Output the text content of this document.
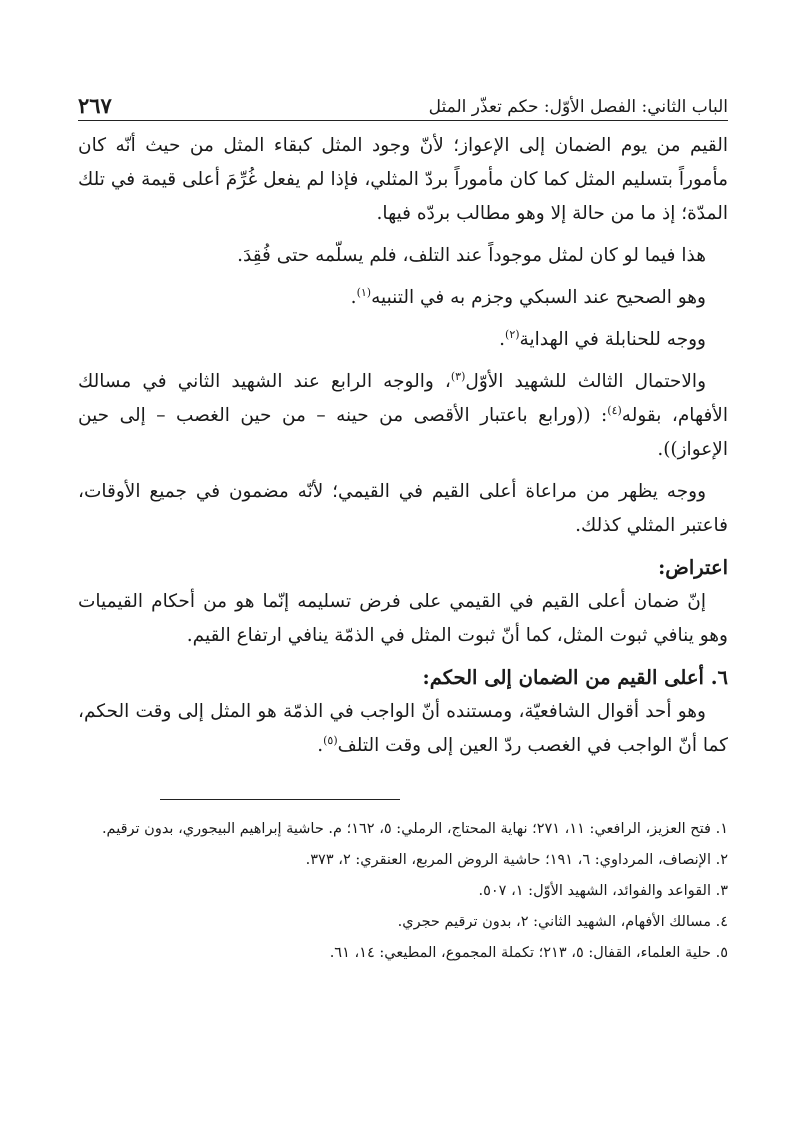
الباب الثاني: الفصل الأوّل: حكم تعذّر المثل
٢٦٧

القيم من يوم الضمان إلى الإعواز؛ لأنّ وجود المثل كبقاء المثل من حيث أنّه كان مأموراً بتسليم المثل كما كان مأموراً بردّ المثلي، فإذا لم يفعل غُرِّمَ أعلى قيمة في تلك المدّة؛ إذ ما من حالة إلا وهو مطالب بردّه فيها.

هذا فيما لو كان لمثل موجوداً عند التلف، فلم يسلّمه حتى فُقِدَ.

وهو الصحيح عند السبكي وجزم به في التنبيه$^{(١)}$.

ووجه للحنابلة في الهداية$^{(٢)}$.

والاحتمال الثالث للشهيد الأوّل$^{(٣)}$، والوجه الرابع عند الشهيد الثاني في مسالك الأفهام، بقوله$^{(٤)}$: ((ورابع باعتبار الأقصى من حينه – من حين الغصب – إلى حين الإعواز)).

ووجه يظهر من مراعاة أعلى القيم في القيمي؛ لأنّه مضمون في جميع الأوقات، فاعتبر المثلي كذلك.

اعتراض:

إنّ ضمان أعلى القيم في القيمي على فرض تسليمه إنّما هو من أحكام القيميات وهو ينافي ثبوت المثل، كما أنّ ثبوت المثل في الذمّة ينافي ارتفاع القيم.

٦. أعلى القيم من الضمان إلى الحكم:

وهو أحد أقوال الشافعيّة، ومستنده أنّ الواجب في الذمّة هو المثل إلى وقت الحكم، كما أنّ الواجب في الغصب ردّ العين إلى وقت التلف$^{(٥)}$.

١. فتح العزيز، الرافعي: ١١، ٢٧١؛ نهاية المحتاج، الرملي: ٥، ١٦٢؛ م. حاشية إبراهيم البيجوري، بدون ترقيم.
٢. الإنصاف، المرداوي: ٦، ١٩١؛ حاشية الروض المربع، العنقري: ٢، ٣٧٣.
٣. القواعد والفوائد، الشهيد الأوّل: ١، ٥٠٧.
٤. مسالك الأفهام، الشهيد الثاني: ٢، بدون ترقيم حجري.
٥. حلية العلماء، القفال: ٥، ٢١٣؛ تكملة المجموع، المطيعي: ١٤، ٦١.
